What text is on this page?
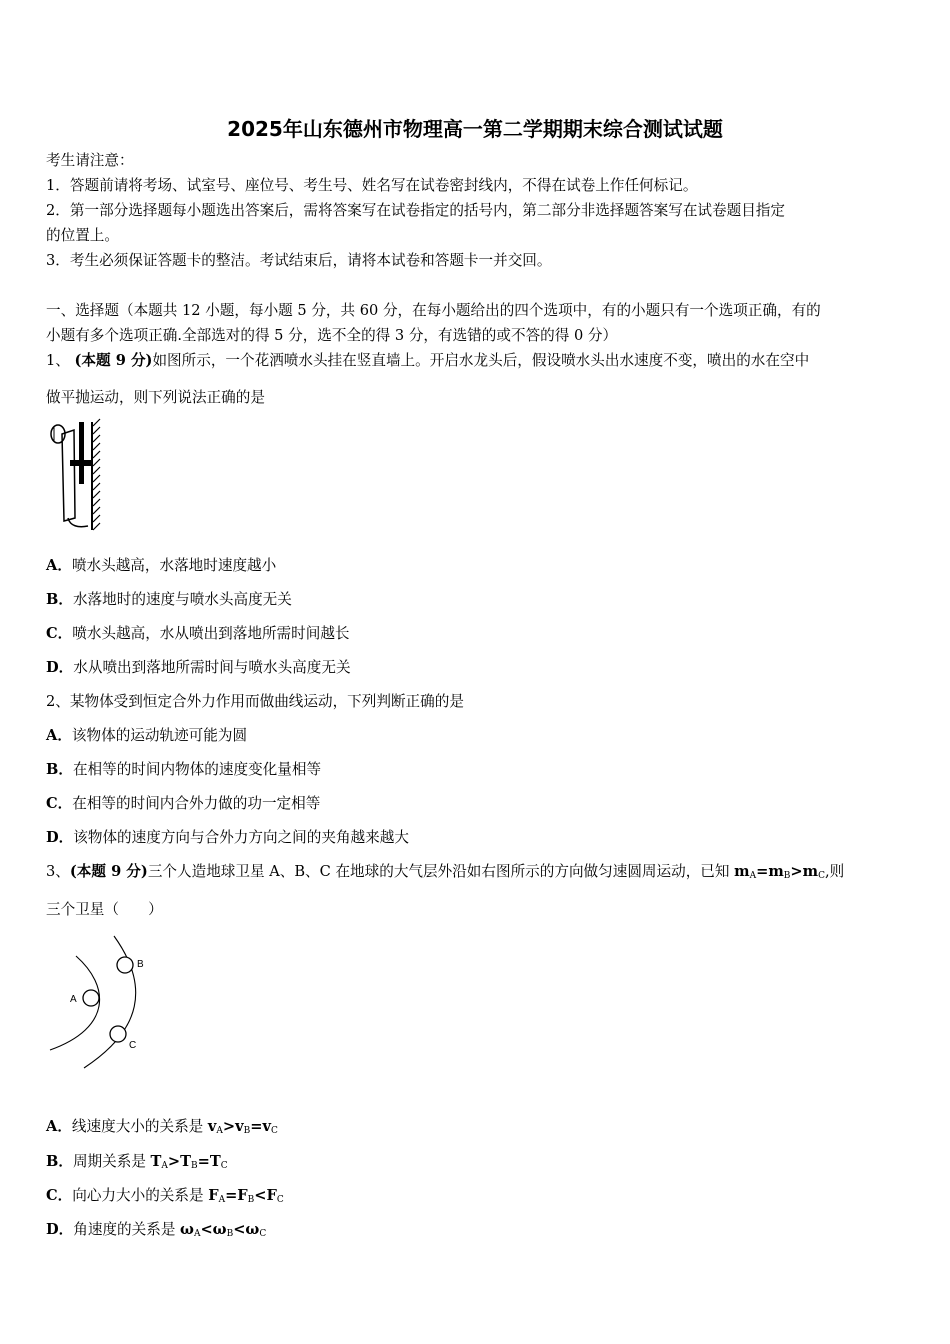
2025年山东德州市物理高一第二学期期末综合测试试题
考生请注意：
1．答题前请将考场、试室号、座位号、考生号、姓名写在试卷密封线内，不得在试卷上作任何标记。
2．第一部分选择题每小题选出答案后，需将答案写在试卷指定的括号内，第二部分非选择题答案写在试卷题目指定
的位置上。
3．考生必须保证答题卡的整洁。考试结束后，请将本试卷和答题卡一并交回。
一、选择题（本题共 12 小题，每小题 5 分，共 60 分，在每小题给出的四个选项中，有的小题只有一个选项正确，有的
小题有多个选项正确.全部选对的得 5 分，选不全的得 3 分，有选错的或不答的得 0 分）
1、 (本题 9 分)如图所示，一个花洒喷水头挂在竖直墙上。开启水龙头后，假设喷水头出水速度不变，喷出的水在空中
做平抛运动，则下列说法正确的是
A．喷水头越高，水落地时速度越小
B．水落地时的速度与喷水头高度无关
C．喷水头越高，水从喷出到落地所需时间越长
D．水从喷出到落地所需时间与喷水头高度无关
2、某物体受到恒定合外力作用而做曲线运动，下列判断正确的是
A．该物体的运动轨迹可能为圆
B．在相等的时间内物体的速度变化量相等
C．在相等的时间内合外力做的功一定相等
D．该物体的速度方向与合外力方向之间的夹角越来越大
3、(本题 9 分)三个人造地球卫星 A、B、C 在地球的大气层外沿如右图所示的方向做匀速圆周运动，已知 $m_A=m_B>m_C$,则
三个卫星（　　）
A
B
C
A．线速度大小的关系是 $v_A>v_B=v_C$
B．周期关系是 $T_A>T_B=T_C$
C．向心力大小的关系是 $F_A=F_B<F_C$
D．角速度的关系是 $\omega_A<\omega_B<\omega_C$
